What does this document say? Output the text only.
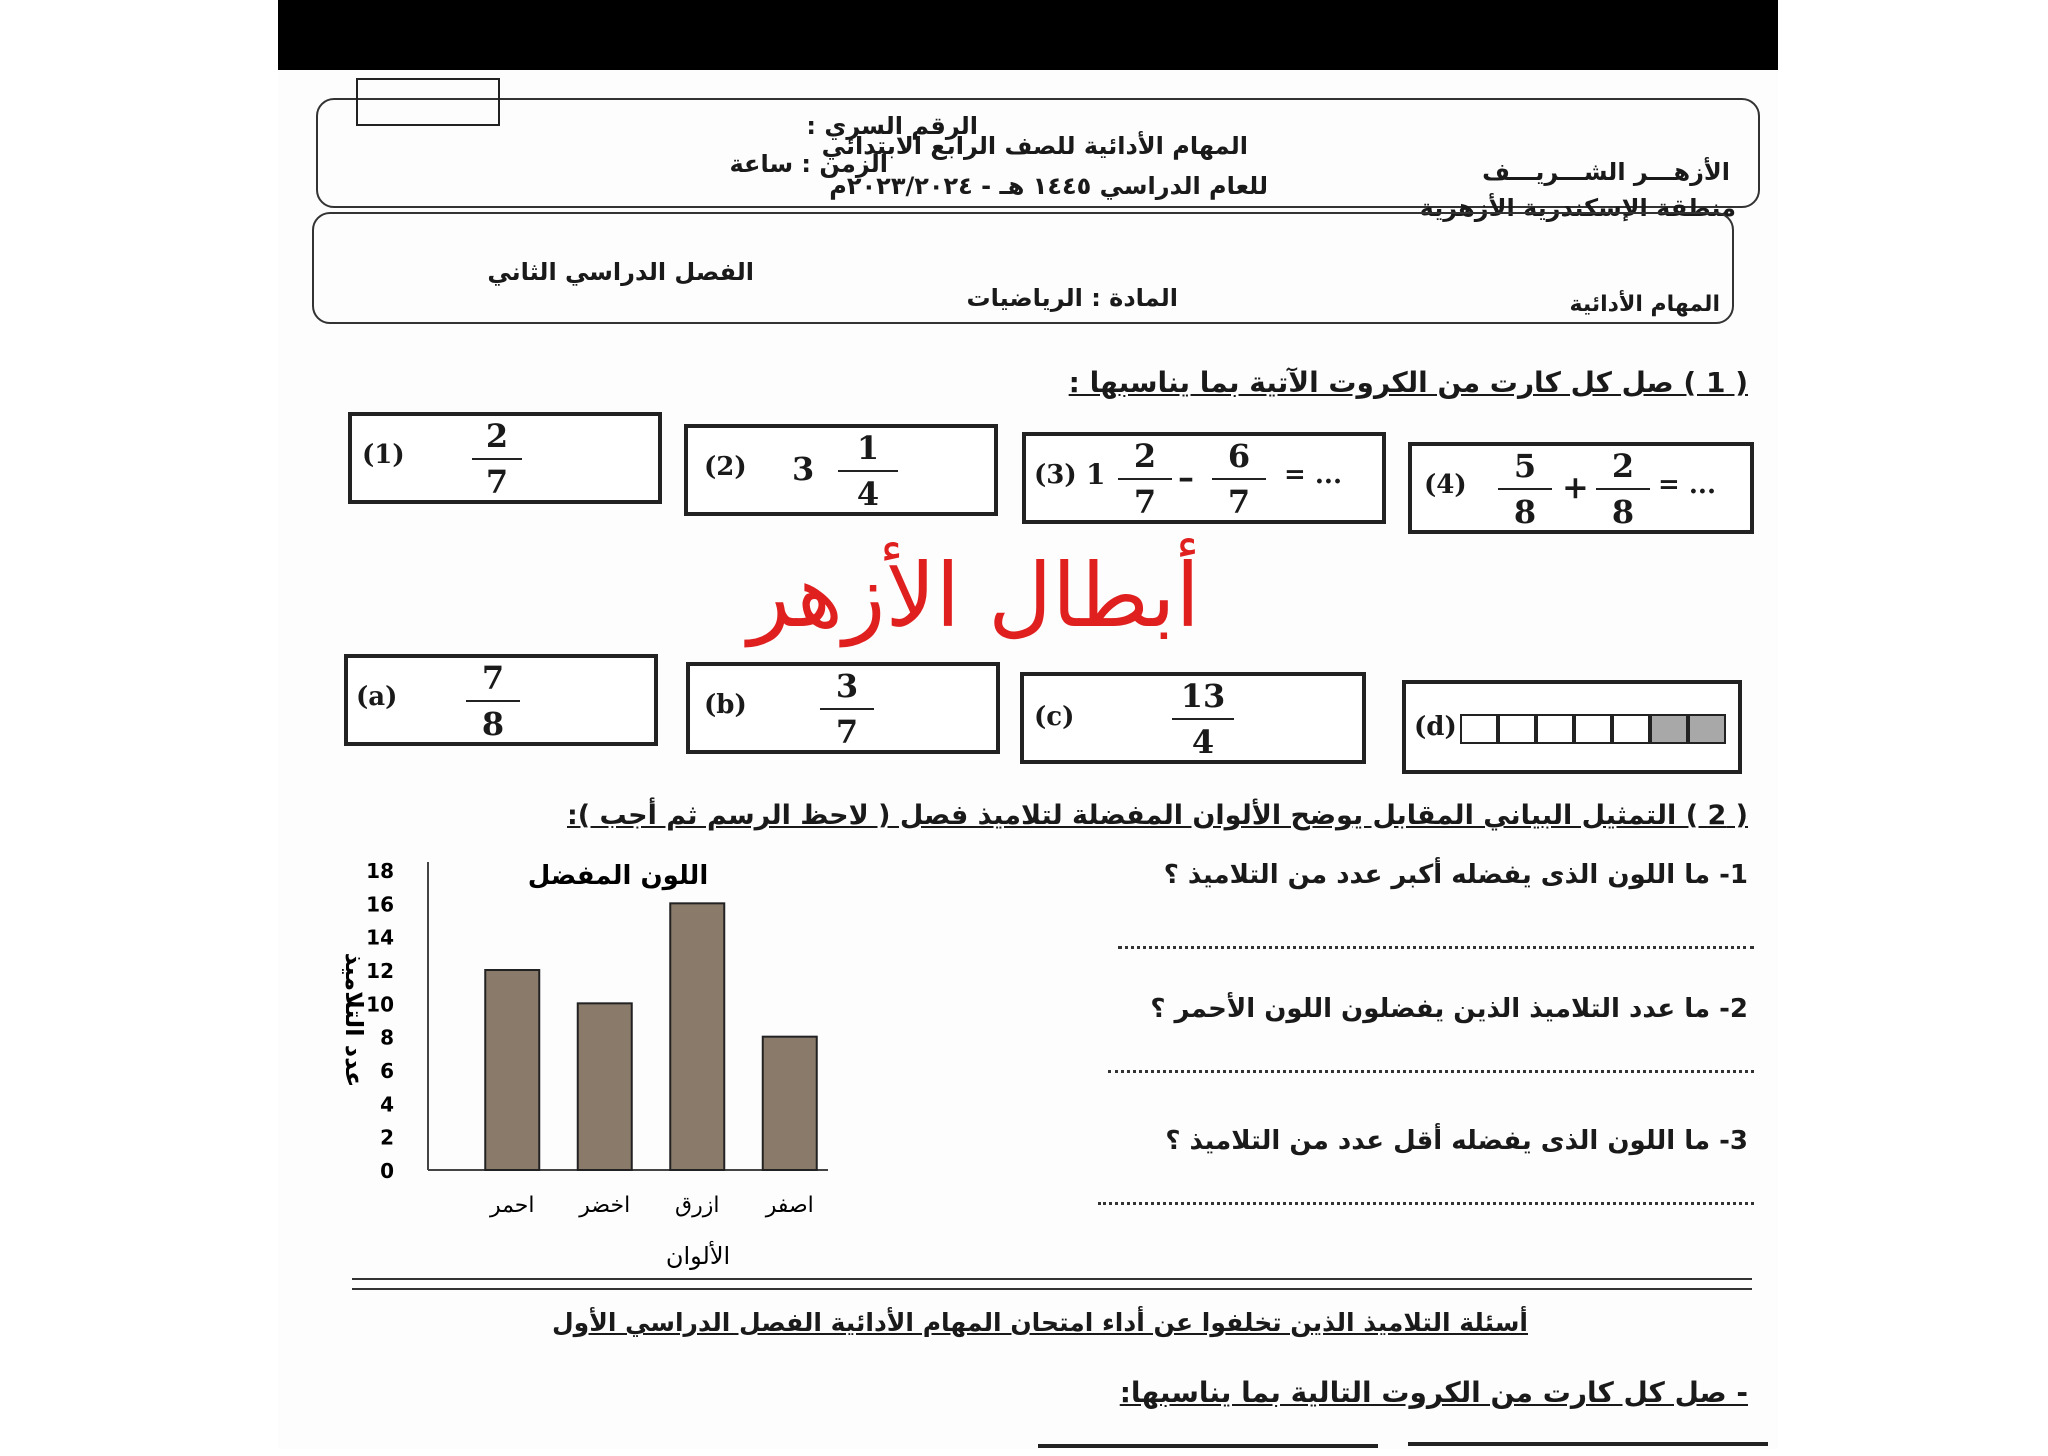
الرقم السري :
الزمن : ساعة
المهام الأدائية للصف الرابع الابتدائي
للعام الدراسي ١٤٤٥ هـ - ٢٠٢٣/٢٠٢٤م	الأزهـــر الشـــريـــف
منطقة الإسكندرية الأزهرية
الفصل الدراسي الثاني
المادة : الرياضيات	المهام الأدائية
( 1 ) صل كل كارت من الكروت الآتية بما يناسبها :
(1)	2
7	(2) 3
1
4	(3) 1 2
7
–
6
7
= ...	(4)	5
8
+
2
8
= ...
أبطال الأزهر
(a)	7
8	(b)	3
7	(c)
13
4	(d)
( 2 ) التمثيل البياني المقابل يوضح الألوان المفضلة لتلاميذ فصل ( لاحظ الرسم ثم أجب ):
0
2
4
6
8
10
12
14
16
18
احمر اخضر ازرق اصفر
اللون المفضل
الألوان
عدد التلاميذ
1- ما اللون الذى يفضله أكبر عدد من التلاميذ ؟
2- ما عدد التلاميذ الذين يفضلون اللون الأحمر ؟
3- ما اللون الذى يفضله أقل عدد من التلاميذ ؟
أسئلة التلاميذ الذين تخلفوا عن أداء امتحان المهام الأدائية الفصل الدراسي الأول
- صل كل كارت من الكروت التالية بما يناسبها:
